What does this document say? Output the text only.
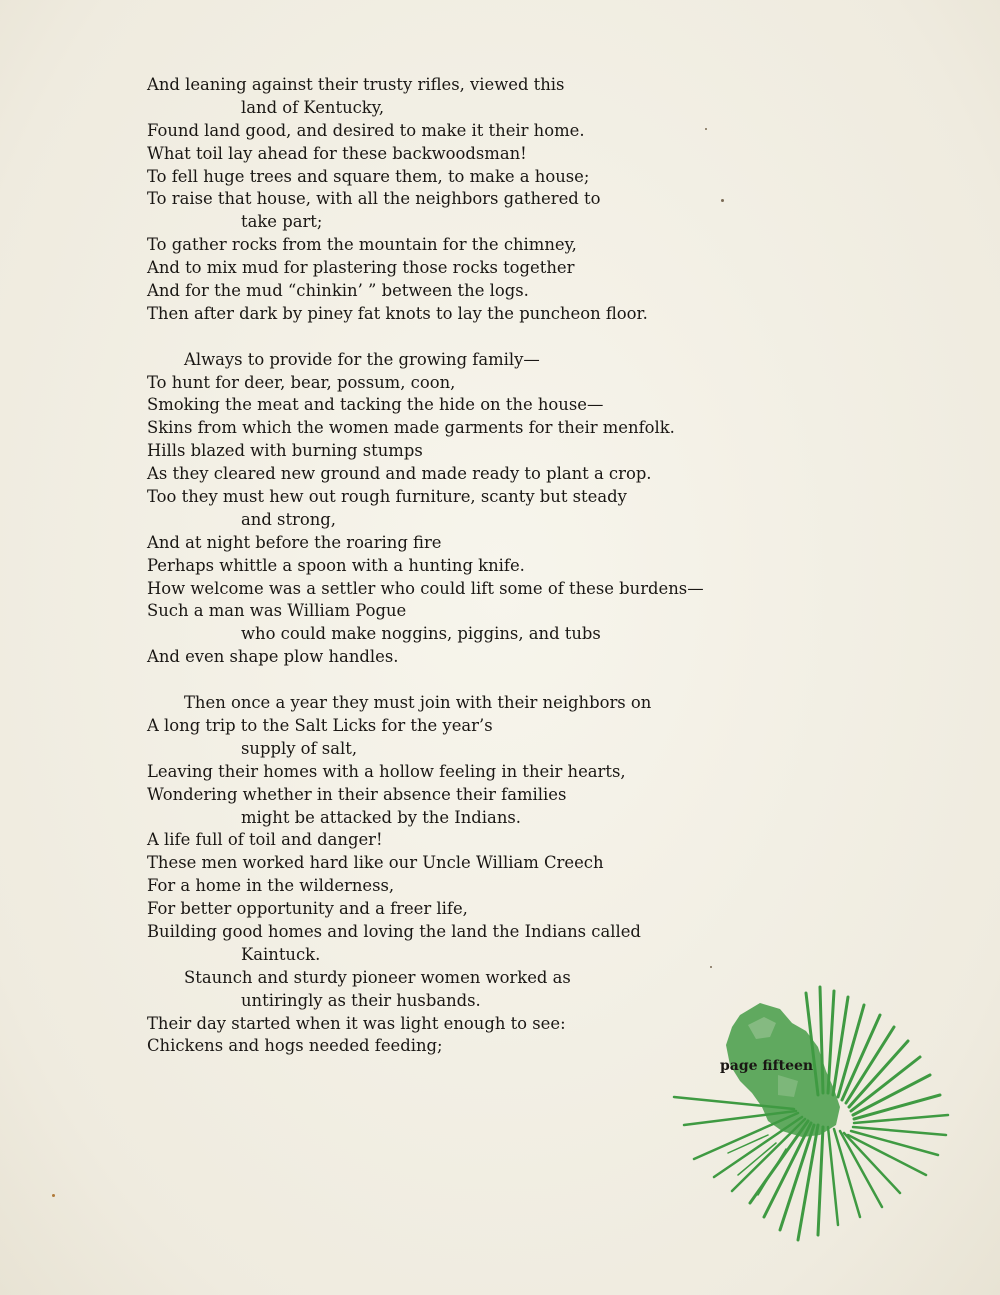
And leaning against their trusty rifles, viewed this
land of Kentucky,
Found land good, and desired to make it their home.
What toil lay ahead for these backwoodsman!
To fell huge trees and square them, to make a house;
To raise that house, with all the neighbors gathered to
take part;
To gather rocks from the mountain for the chimney,
And to mix mud for plastering those rocks together
And for the mud “chinkin’ ” between the logs.
Then after dark by piney fat knots to lay the puncheon floor.
Always to provide for the growing family—
To hunt for deer, bear, possum, coon,
Smoking the meat and tacking the hide on the house—
Skins from which the women made garments for their menfolk.
Hills blazed with burning stumps
As they cleared new ground and made ready to plant a crop.
Too they must hew out rough furniture, scanty but steady
and strong,
And at night before the roaring fire
Perhaps whittle a spoon with a hunting knife.
How welcome was a settler who could lift some of these burdens—
Such a man was William Pogue
who could make noggins, piggins, and tubs
And even shape plow handles.
Then once a year they must join with their neighbors on
A long trip to the Salt Licks for the year’s
supply of salt,
Leaving their homes with a hollow feeling in their hearts,
Wondering whether in their absence their families
might be attacked by the Indians.
A life full of toil and danger!
These men worked hard like our Uncle William Creech
For a home in the wilderness,
For better opportunity and a freer life,
Building good homes and loving the land the Indians called
Kaintuck.
Staunch and sturdy pioneer women worked as
untiringly as their husbands.
Their day started when it was light enough to see:
Chickens and hogs needed feeding;
page fifteen
